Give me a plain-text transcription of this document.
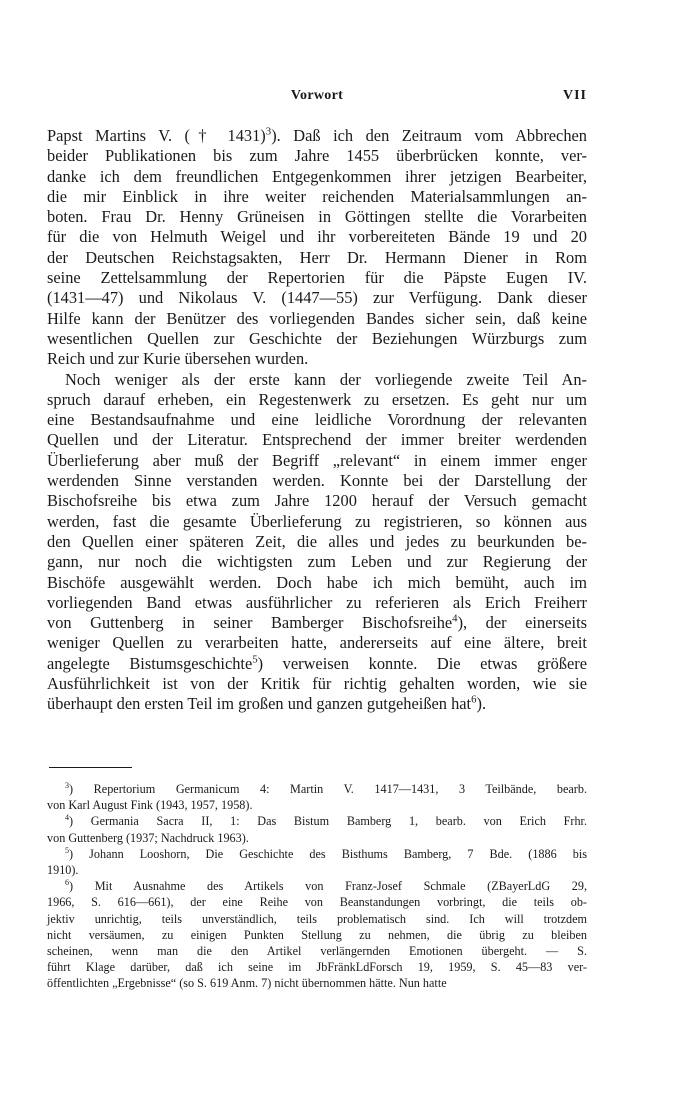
Vorwort	VII

Papst Martins V. († 1431)$^3$). Daß ich den Zeitraum vom Abbrechen
beider Publikationen bis zum Jahre 1455 überbrücken konnte, ver-
danke ich dem freundlichen Entgegenkommen ihrer jetzigen Bearbeiter,
die mir Einblick in ihre weiter reichenden Materialsammlungen an-
boten. Frau Dr. Henny Grüneisen in Göttingen stellte die Vorarbeiten
für die von Helmuth Weigel und ihr vorbereiteten Bände 19 und 20
der Deutschen Reichstagsakten, Herr Dr. Hermann Diener in Rom
seine Zettelsammlung der Repertorien für die Päpste Eugen IV.
(1431—47) und Nikolaus V. (1447—55) zur Verfügung. Dank dieser
Hilfe kann der Benützer des vorliegenden Bandes sicher sein, daß keine
wesentlichen Quellen zur Geschichte der Beziehungen Würzburgs zum
Reich und zur Kurie übersehen wurden.

Noch weniger als der erste kann der vorliegende zweite Teil An-
spruch darauf erheben, ein Regestenwerk zu ersetzen. Es geht nur um
eine Bestandsaufnahme und eine leidliche Vorordnung der relevanten
Quellen und der Literatur. Entsprechend der immer breiter werdenden
Überlieferung aber muß der Begriff „relevant“ in einem immer enger
werdenden Sinne verstanden werden. Konnte bei der Darstellung der
Bischofsreihe bis etwa zum Jahre 1200 herauf der Versuch gemacht
werden, fast die gesamte Überlieferung zu registrieren, so können aus
den Quellen einer späteren Zeit, die alles und jedes zu beurkunden be-
gann, nur noch die wichtigsten zum Leben und zur Regierung der
Bischöfe ausgewählt werden. Doch habe ich mich bemüht, auch im
vorliegenden Band etwas ausführlicher zu referieren als Erich Freiherr
von Guttenberg in seiner Bamberger Bischofsreihe$^4$), der einerseits
weniger Quellen zu verarbeiten hatte, andererseits auf eine ältere, breit
angelegte Bistumsgeschichte$^5$) verweisen konnte. Die etwas größere
Ausführlichkeit ist von der Kritik für richtig gehalten worden, wie sie
überhaupt den ersten Teil im großen und ganzen gutgeheißen hat$^6$).

$^3$) Repertorium Germanicum 4: Martin V. 1417—1431, 3 Teilbände, bearb.
von Karl August Fink (1943, 1957, 1958).

$^4$) Germania Sacra II, 1: Das Bistum Bamberg 1, bearb. von Erich Frhr.
von Guttenberg (1937; Nachdruck 1963).

$^5$) Johann Looshorn, Die Geschichte des Bisthums Bamberg, 7 Bde. (1886 bis
1910).

$^6$) Mit Ausnahme des Artikels von Franz-Josef Schmale (ZBayerLdG 29,
1966, S. 616—661), der eine Reihe von Beanstandungen vorbringt, die teils ob-
jektiv unrichtig, teils unverständlich, teils problematisch sind. Ich will trotzdem
nicht versäumen, zu einigen Punkten Stellung zu nehmen, die übrig zu bleiben
scheinen, wenn man die den Artikel verlängernden Emotionen übergeht. — S.
führt Klage darüber, daß ich seine im JbFränkLdForsch 19, 1959, S. 45—83 ver-
öffentlichten „Ergebnisse“ (so S. 619 Anm. 7) nicht übernommen hätte. Nun hatte
